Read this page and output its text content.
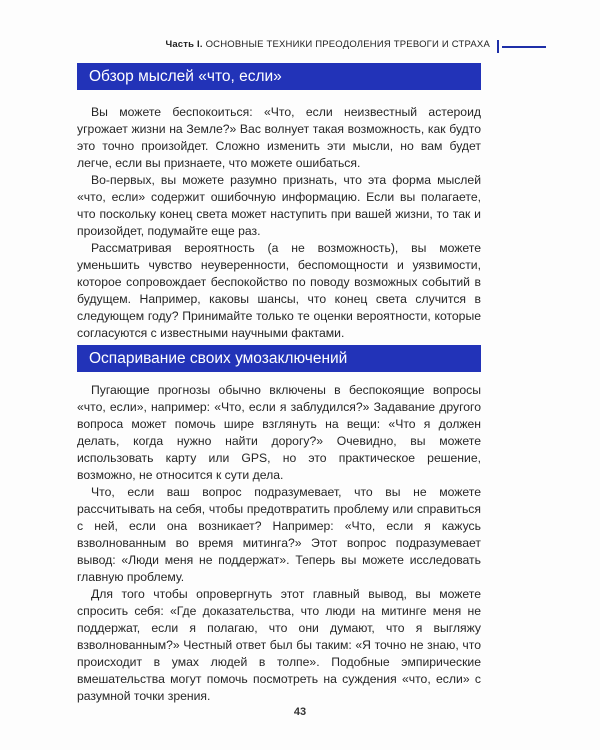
Часть I. ОСНОВНЫЕ ТЕХНИКИ ПРЕОДОЛЕНИЯ ТРЕВОГИ И СТРАХА
Обзор мыслей «что, если»

Вы можете беспокоиться: «Что, если неизвестный астероид угрожает жизни на Земле?» Вас волнует такая возможность, как будто это точно произойдет. Сложно изменить эти мысли, но вам будет легче, если вы признаете, что можете ошибаться.

Во-первых, вы можете разумно признать, что эта форма мыслей «что, если» содержит ошибочную информацию. Если вы полагаете, что поскольку конец света может наступить при вашей жизни, то так и произойдет, подумайте еще раз.

Рассматривая вероятность (а не возможность), вы можете уменьшить чувство неуверенности, беспомощности и уязвимости, которое сопровождает беспокойство по поводу возможных событий в будущем. Например, каковы шансы, что конец света случится в следующем году? Принимайте только те оценки вероятности, которые согласуются с известными научными фактами.

Оспаривание своих умозаключений

Пугающие прогнозы обычно включены в беспокоящие вопросы «что, если», например: «Что, если я заблудился?» Задавание другого вопроса может помочь шире взглянуть на вещи: «Что я должен делать, когда нужно найти дорогу?» Очевидно, вы можете использовать карту или GPS, но это практическое решение, возможно, не относится к сути дела.

Что, если ваш вопрос подразумевает, что вы не можете рассчитывать на себя, чтобы предотвратить проблему или справиться с ней, если она возникает? Например: «Что, если я кажусь взволнованным во время митинга?» Этот вопрос подразумевает вывод: «Люди меня не поддержат». Теперь вы можете исследовать главную проблему.

Для того чтобы опровергнуть этот главный вывод, вы можете спросить себя: «Где доказательства, что люди на митинге меня не поддержат, если я полагаю, что они думают, что я выгляжу взволнованным?» Честный ответ был бы таким: «Я точно не знаю, что происходит в умах людей в толпе». Подобные эмпирические вмешательства могут помочь посмотреть на суждения «что, если» с разумной точки зрения.

43
